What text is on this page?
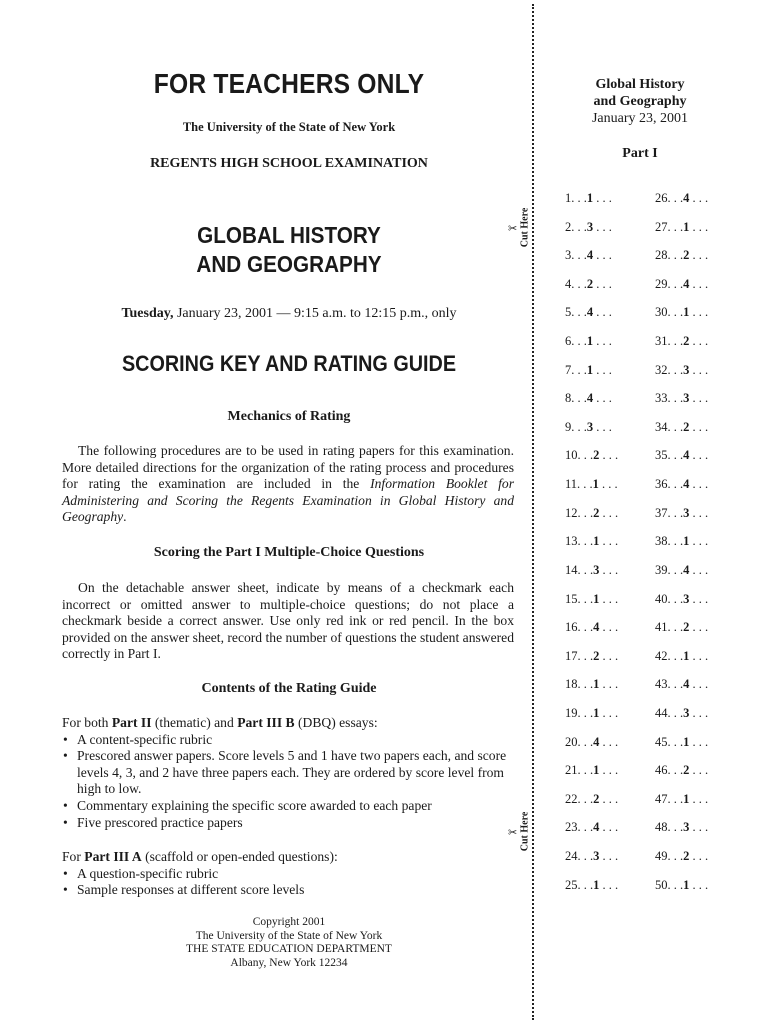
FOR TEACHERS ONLY
The University of the State of New York
REGENTS HIGH SCHOOL EXAMINATION
GLOBAL HISTORY
AND GEOGRAPHY
Tuesday, January 23, 2001 — 9:15 a.m. to 12:15 p.m., only
SCORING KEY AND RATING GUIDE
Mechanics of Rating
The following procedures are to be used in rating papers for this examination. More detailed directions for the organization of the rating process and procedures for rating the examination are included in the Information Booklet for Administering and Scoring the Regents Examination in Global History and Geography.
Scoring the Part I Multiple-Choice Questions
On the detachable answer sheet, indicate by means of a checkmark each incorrect or omitted answer to multiple-choice questions; do not place a checkmark beside a correct answer. Use only red ink or red pencil. In the box provided on the answer sheet, record the number of questions the student answered correctly in Part I.
Contents of the Rating Guide
For both Part II (thematic) and Part III B (DBQ) essays:
• A content-specific rubric
• Prescored answer papers. Score levels 5 and 1 have two papers each, and score levels 4, 3, and 2 have three papers each. They are ordered by score level from high to low.
• Commentary explaining the specific score awarded to each paper
• Five prescored practice papers
For Part III A (scaffold or open-ended questions):
• A question-specific rubric
• Sample responses at different score levels
Copyright 2001
The University of the State of New York
THE STATE EDUCATION DEPARTMENT
Albany, New York 12234
✂ Cut Here
✂ Cut Here
Global History
and Geography
January 23, 2001
Part I
1. . .1 . . .
2. . .3 . . .
3. . .4 . . .
4. . .2 . . .
5. . .4 . . .
6. . .1 . . .
7. . .1 . . .
8. . .4 . . .
9. . .3 . . .
10. . .2 . . .
11. . .1 . . .
12. . .2 . . .
13. . .1 . . .
14. . .3 . . .
15. . .1 . . .
16. . .4 . . .
17. . .2 . . .
18. . .1 . . .
19. . .1 . . .
20. . .4 . . .
21. . .1 . . .
22. . .2 . . .
23. . .4 . . .
24. . .3 . . .
25. . .1 . . .
26. . .4 . . .
27. . .1 . . .
28. . .2 . . .
29. . .4 . . .
30. . .1 . . .
31. . .2 . . .
32. . .3 . . .
33. . .3 . . .
34. . .2 . . .
35. . .4 . . .
36. . .4 . . .
37. . .3 . . .
38. . .1 . . .
39. . .4 . . .
40. . .3 . . .
41. . .2 . . .
42. . .1 . . .
43. . .4 . . .
44. . .3 . . .
45. . .1 . . .
46. . .2 . . .
47. . .1 . . .
48. . .3 . . .
49. . .2 . . .
50. . .1 . . .
